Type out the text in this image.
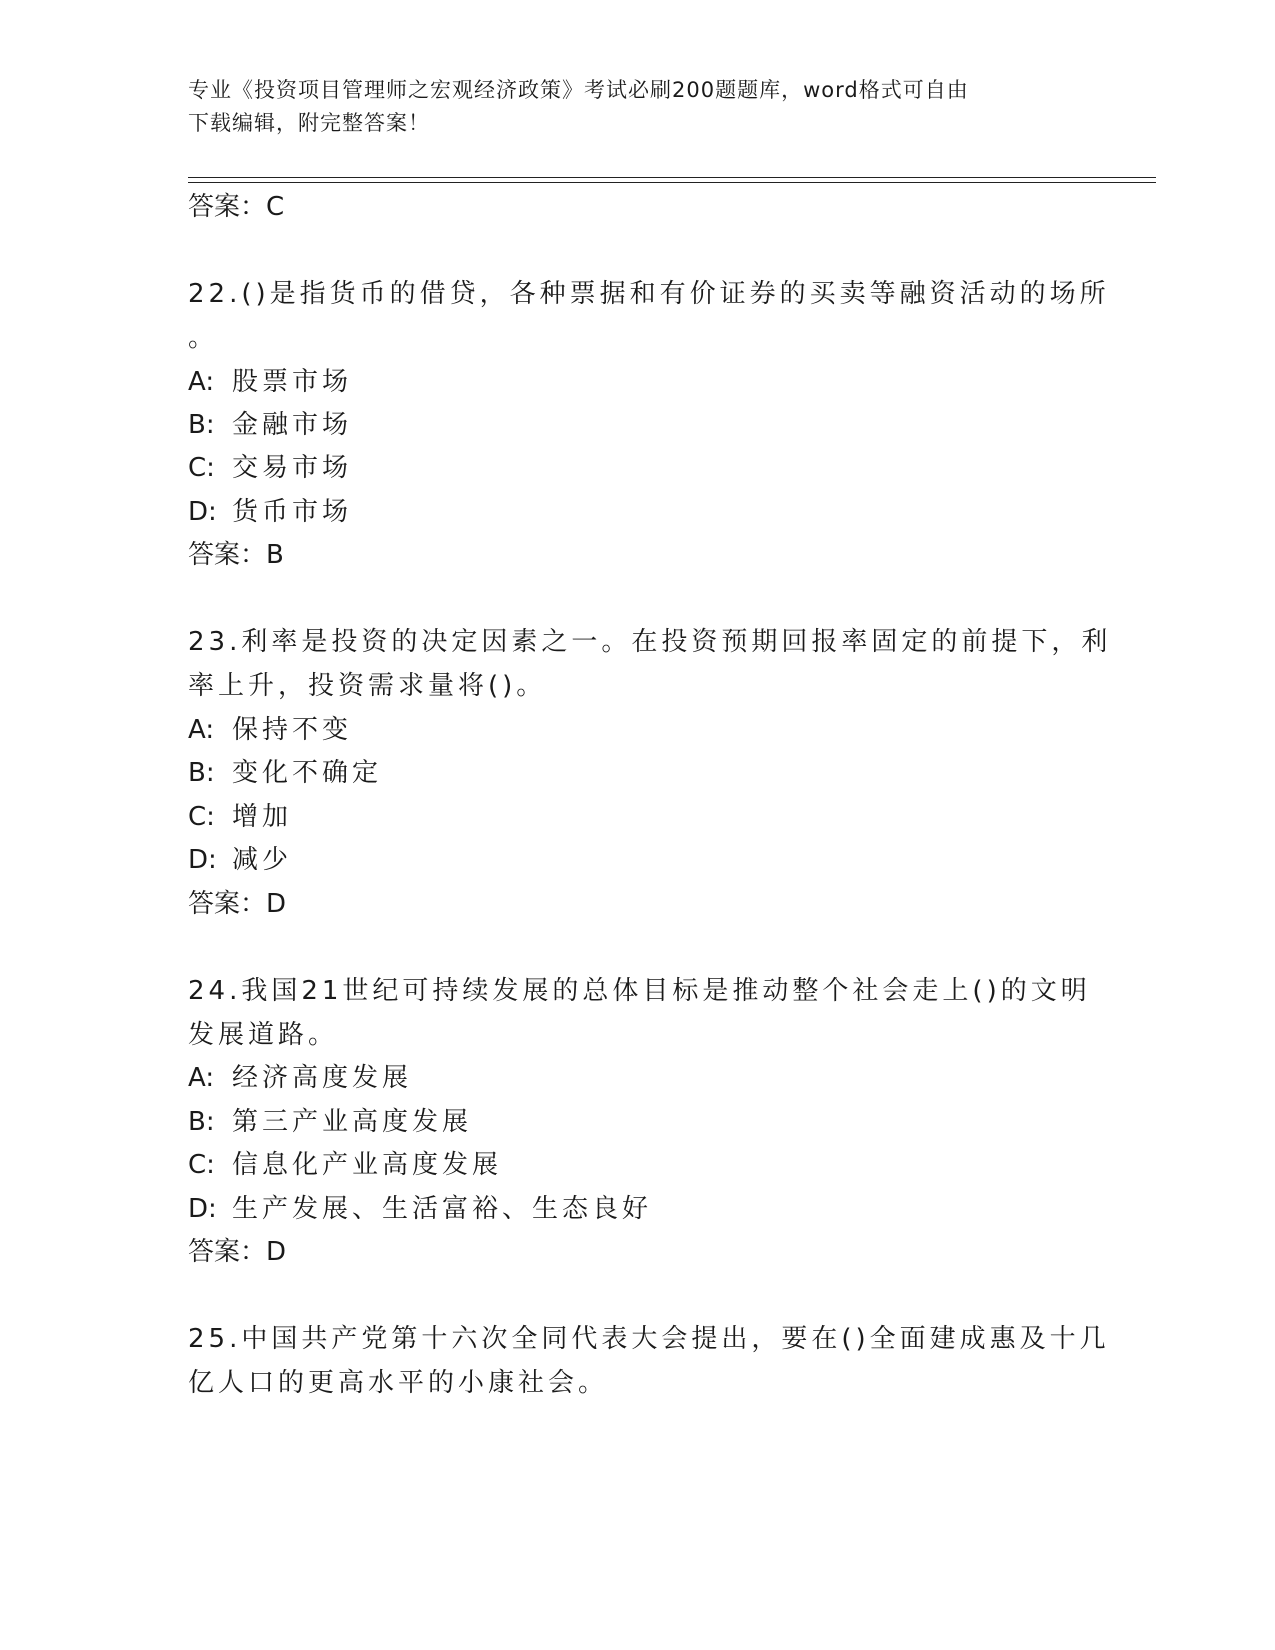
专业《投资项目管理师之宏观经济政策》考试必刷200题题库，word格式可自由
下载编辑，附完整答案！
答案：C
22.()是指货币的借贷，各种票据和有价证券的买卖等融资活动的场所
。
A: 股票市场
B: 金融市场
C: 交易市场
D: 货币市场
答案：B
23.利率是投资的决定因素之一。在投资预期回报率固定的前提下，利
率上升，投资需求量将()。
A: 保持不变
B: 变化不确定
C: 增加
D: 减少
答案：D
24.我国21世纪可持续发展的总体目标是推动整个社会走上()的文明
发展道路。
A: 经济高度发展
B: 第三产业高度发展
C: 信息化产业高度发展
D: 生产发展、生活富裕、生态良好
答案：D
25.中国共产党第十六次全同代表大会提出，要在()全面建成惠及十几
亿人口的更高水平的小康社会。
